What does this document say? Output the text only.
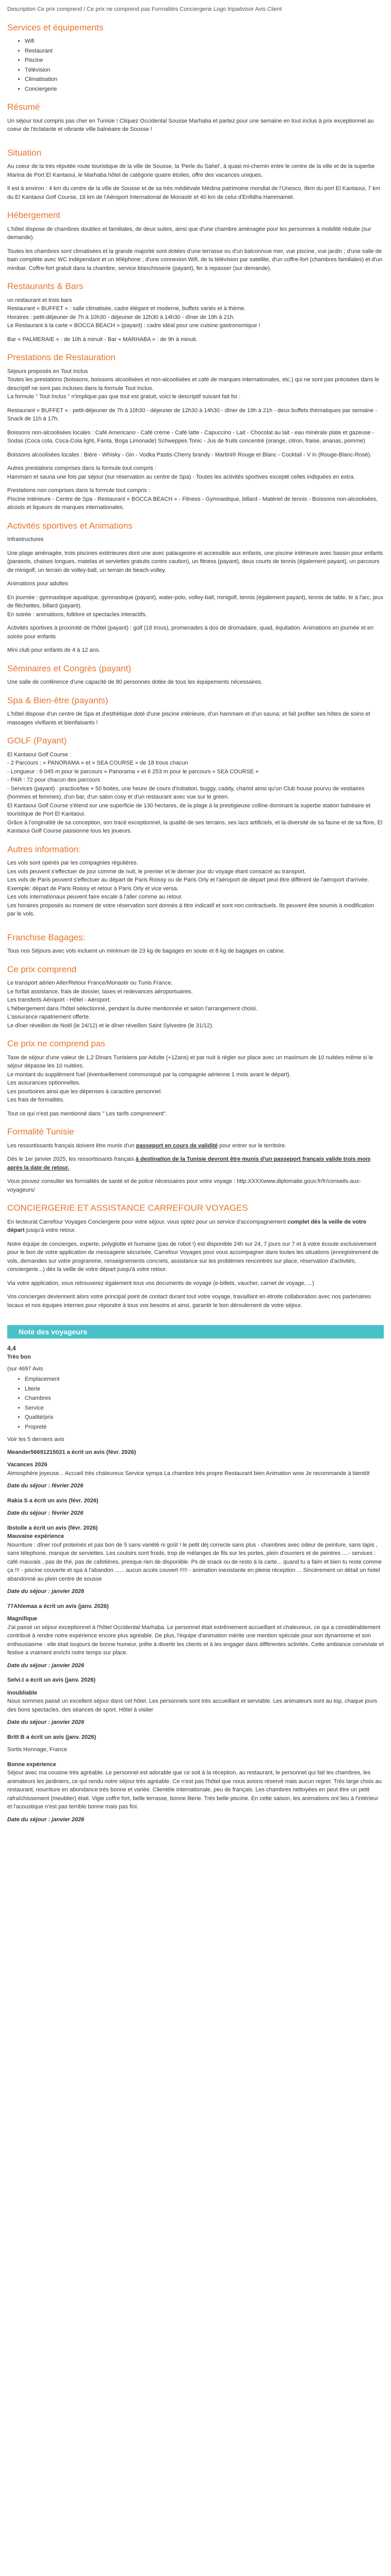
Description Ce prix comprend / Ce prix ne comprend pas Formalités Conciergerie Logo tripadvisor Avis Client
Services et équipements
• Wifi
• Restaurant
• Piscine
• Télévision
• Climatisation
• Conciergerie
Résumé

Un séjour tout compris pas cher en Tunisie ! Cliquez Occidental Sousse Marhaba et partez pour une semaine en tout inclus à prix exceptionnel au coeur de l'éclatante et vibrante ville balnéaire de Sousse !

Situation

Au coeur de la très réputée route touristique de la ville de Sousse, la 'Perle du Sahel', à quasi mi-chemin entre le centre de la ville et de la superbe Marina de Port El Kantaoui, le Marhaba hôtel de catégorie quatre étoiles, offre des vacances uniques.

Il est à environ : 4 km du centre de la ville de Sousse et de sa très médiévale Médina patrimoine mondial de l'Unesco, 8km du port El Kantaoui, 7 km du El Kantaoui Golf Course, 18 km de l'Aéroport International de Monastir et 40 km de celui d'Enfidha Hammamet.

Hébergement

L'hôtel dispose de chambres doubles et familiales, de deux suites, ainsi que d'une chambre aménagée pour les personnes à mobilité réduite (sur demande).

Toutes les chambres sont climatisées et la grande majorité sont dotées d'une terrasse ou d'un balcon/vue mer, vue piscine, vue jardin ; d'une salle de bain complète avec WC indépendant et un téléphone ; d'une connexion Wifi, de la télévision par satellite, d'un coffre-fort (chambres familiales) et d'un minibar. Coffre-fort gratuit dans la chambre, service blanchisserie (payant), fer à repasser (sur demande).

Restaurants & Bars
un restaurant et trois bars
Restaurant « BUFFET » : salle climatisée, cadre élégant et moderne, buffets variés et à thème.
Horaires : petit-déjeuner de 7h à 10h30 - déjeuner de 12h30 à 14h30 - dîner de 19h à 21h.
Le Restaurant à la carte « BOCCA BEACH » (payant) : cadre idéal pour une cuisine gastronomique !

Bar « PALMERAIE » : de 10h à minuit - Bar « MARHABA » : de 9h à minuit.

Prestations de Restauration
Séjours proposés en Tout Inclus
Toutes les prestations (boissons, boissons alcoolisées et non-alcoolisées et café de marques internationales, etc.) qui ne sont pas précisées dans le descriptif ne sont pas incluses dans la formule Tout Inclus.

La formule " Tout Inclus " n'implique pas que tout est gratuit, voici le descriptif suivant fait foi :

Restaurant « BUFFET » : petit-déjeuner de 7h à 10h30 - déjeuner de 12h30 à 14h30 - dîner de 19h à 21h - deux buffets thématiques par semaine - Snack de 11h à 17h.

Boissons non-alcoolisées locales : Café Americano - Café crème - Café latte - Capuccino - Lait - Chocolat au lait - eau minérale plate et gazeuse - Sodas (Coca cola, Coca-Cola light, Fanta, Boga Limonade) Schweppes Tonic - Jus de fruits concentré (orange, citron, fraise, ananas, pomme)

Boissons alcoolisées locales : Bière - Whisky - Gin - Vodka Pastis-Cherry brandy - Martini® Rouge et Blanc - Cocktail - V in (Rouge-Blanc-Rosé).

Autres prestations comprises dans la formule tout compris :

Hammam et sauna une fois par séjour (sur réservation au centre de Spa) - Toutes les activités sportives excepté celles indiquées en extra.

Prestations non comprises dans la formule tout compris :

Piscine intérieure - Centre de Spa - Restaurant « BOCCA BEACH » - Fitness - Gymnastique, billard - Matériel de tennis - Boissons non-alcoolisées, alcools et liqueurs de marques internationales.

Activités sportives et Animations

Infrastructures

Une plage aménagée, trois piscines extérieures dont une avec pataugeoire et accessible aux enfants, une piscine intérieure avec bassin pour enfants (parasols, chaises longues, matelas et serviettes gratuits contre caution), un fitness (payant), deux courts de tennis (également payant), un parcours de minigolf, un terrain de volley-ball, un terrain de beach-volley.

Animations pour adultes

En journée : gymnastique aquatique, gymnastique (payant), water-polo, volley-ball, minigolf, tennis (également payant), tennis de table, tir à l'arc, jeux de fléchettes, billard (payant).

En soirée : animations, folklore et spectacles interactifs.

Activités sportives à proximité de l'hôtel (payant) : golf (18 trous), promenades à dos de dromadaire, quad, équitation. Animations en journée et en soirée pour enfants

Mini club pour enfants de 4 à 12 ans.

Séminaires et Congrès (payant)

Une salle de conférence d'une capacité de 80 personnes dotée de tous les équipements nécessaires.

Spa & Bien-être (payants)

L'hôtel dispose d'un centre de Spa et d'esthétique doté d'une piscine intérieure, d'un hammam et d'un sauna; et fait profiter ses hôtes de soins et massages vivifiants et bienfaisants !

GOLF (Payant)
El Kantaoui Golf Course :
- 2 Parcours : « PANORAMA » et « SEA COURSE » de 18 trous chacun
- Longueur : 6 045 m pour le parcours « Panorama » et 6 253 m pour le parcours « SEA COURSE »
- PAR : 72 pour chacun des parcours
- Services (payant) : practice/tee + 50 boites, une heure de cours d'initiation, buggy, caddy, chariot ainsi qu'un Club house pourvu de vestiaires (hommes et femmes), d'un bar, d'un salon cosy et d'un restaurant avec vue sur le green.
El Kantaoui Golf Course s'étend sur une superficie de 130 hectares, de la plage à la prestigieuse colline dominant la superbe station balnéaire et touristique de Port El Kantaoui.

Grâce à l'originalité de sa conception, son tracé exceptionnel, la qualité de ses terrains, ses lacs artificiels, et la diversité de sa faune et de sa flore, El Kantaoui Golf Course passionne tous les joueurs.

Autres information:
Les vols sont opérés par les compagnies régulières.
Les vols peuvent s'effectuer de jour comme de nuit, le premier et le dernier jour du voyage étant consacré au transport.
Les vols de Paris peuvent s'effectuer au départ de Paris Roissy ou de Paris Orly et l'aéroport de départ peut être différent de l'aéroport d'arrivée.
Exemple: départ de Paris Roissy et retour à Paris Orly et vice versa.
Les vols internationaux peuvent faire escale à l'aller comme au retour.

Les horaires proposés au moment de votre réservation sont donnés à titre indicatif et sont non contractuels. Ils peuvent être soumis à modification par le vols.

Franchise Bagages:

Tous nos Séjours avec vols incluent un minimum de 23 kg de bagages en soute et 8 kg de bagages en cabine.

Ce prix comprend
Le transport aérien Aller/Retour France/Monastir ou Tunis France.
Le forfait assistance, frais de dossier, taxes et redevances aéroportuaires.
Les transferts Aéroport - Hôtel - Aéroport.
L'hébergement dans l'hôtel sélectionné, pendant la durée mentionnée et selon l'arrangement choisi.
L'assurance rapatriement offerte.

Le dîner réveillon de Noël (le 24/12) et le dîner réveillon Saint Sylvestre (le 31/12).

Ce prix ne comprend pas
Taxe de séjour d'une valeur de 1,2 Dinars Tunisiens par Adulte (+12ans) et par nuit à régler sur place avec un maximum de 10 nuitées même si le séjour dépasse les 10 nuitées.
Le montant du supplément fuel (éventuellement communiqué par la compagnie aérienne 1 mois avant le départ).
Les assurances optionnelles.
Les pourboires ainsi que les dépenses à caractère personnel.

Les frais de formalités.

Tout ce qui n'est pas mentionné dans " Les tarifs comprennent".

Formalité Tunisie

Les ressortissants français doivent être munis d'un passeport en cours de validité pour entrer sur le territoire.

Dès le 1er janvier 2025, les ressortissants français à destination de la Tunisie devront être munis d'un passeport français valide trois mois après la date de retour.

Vous pouvez consulter les formalités de santé et de police nécessaires pour votre voyage : http:XXXXwww.diplomatie.gouv.fr/fr/conseils-aux-voyageurs/

CONCIERGERIE ET ASSISTANCE CARREFOUR VOYAGES

En lecteurat Carrefour Voyages Conciergerie pour votre séjour, vous optez pour un service d'accompagnement complet dès la veille de votre départ jusqu'à votre retour.

Notre équipe de concierges, experte, polyglotte et humaine (pas de robot !) est disponible 24h sur 24, 7 jours sur 7 et à votre écoute exclusivement pour le bon de votre application de messagerie sécurisée, Carrefour Voyages pour vous accompagner dans toutes les situations (enregistrement de vols, demandes sur votre programme, renseignements concrets, assistance sur les problèmes rencontrés sur place, réservation d'activités, conciergerie...) dès la veille de votre départ jusqu'à votre retour.

Via votre application, vous retrouverez également tous vos documents de voyage (e-billets, vaucher, carnet de voyage, ...)

Vos concierges deviennent alors votre principal point de contact durant tout votre voyage, travaillant en étroite collaboration avec nos partenaires locaux et nos équipes internes pour répondre à tous vos besoins et ainsi, garantir le bon déroulement de votre séjour.

Note des voyageurs
4,4
Très bon
(sur 4697 Avis
• Emplacement
• Literie
• Chambres
• Service
• Qualité/prix
• Propreté
Voir les 5 derniers avis
Meander56691215021 a écrit un avis (févr. 2026)
Vacances 2026
Atmosphère joyeuse... Accueil très chaleureux Service sympa La chambre très propre Restaurant bien Animation wow Je recommande à bientôt
Date du séjour : février 2026
Rakia S a écrit un avis (févr. 2026)
Date du séjour : février 2026
Ibstolle a écrit un avis (févr. 2026)
Mauvaise expérience
Nourriture : dîner rouf proteinés et pas bon de 5 sans variété ni goût ! le petit déj correcte sans plus - chambres avec odeur de peinture, sans tapis , sans télephone, manque de serviettes. Les couloirs sont froids, trop de mélanges de fils sur les portes, plein d'ouvriers et de peintres ....- services : café mauvais , pas de thé, pas de cafetières, presque rien de disponible. Ps de snack ou de resto à la carte... quand tu a faim et bien tu reste comme ça !!! - piscine couverte et spa à l'abandon ...... aucun accès couvert !!!!! - animation inexistante en pleine réception ... Sincèrement un détail un hotel abandonné au plein centre de sousse
Date du séjour : janvier 2026
77Ahlemaa a écrit un avis (janv. 2026)
Magnifique
J'ai passé un séjour exceptionnel à l'hôtel Occidental Marhaba. Le personnel était extrêmement accueillant et chaleureux, ce qui a considérablement contribué à rendre notre expérience encore plus agréable. De plus, l'équipe d'animation mérite une mention spéciale pour son dynamisme et son enthousiasme : elle était toujours de bonne humeur, prête à divertir les clients et à les engager dans différentes activités. Cette ambiance conviviale et festive a vraiment enrichi notre temps sur place.
Date du séjour : janvier 2026
Selvi.t a écrit un avis (janv. 2026)
Inoubliable
Nous sommes passé un excellent séjour dans cet hôtel. Les personnels sont très accueillant et serviable. Les animateurs sont au top, chaque jours des bons spectacles, des séances de sport. Hôtel à visiter
Date du séjour : janvier 2026
Britt B a écrit un avis (janv. 2026)
Sortis Honnage, France
Bonne expérience
Séjour avec ma cousine très agréable. Le personnel est adorable que ce soit à la réception, au restaurant, le personnel qui fait les chambres, les animateurs les jardiniers, ce qui rendu notre séjour très agréable. Ce n'est pas l'hôtel que nous avions réservé mais aucun regret. Très large choix au restaurant, nourriture en abondance très bonne et variée. Clientèle internationale, peu de français. Les chambres nettoyées en peut être un petit rafraîchissement (meublier) était. Vigie coffre fort, belle terrasse, bonne literie. Très belle piscine. En cette saison, les animations ont lieu à l'intérieur et l'acoustique n'est pas terrible bonne mais pas fini.
Date du séjour : janvier 2026
